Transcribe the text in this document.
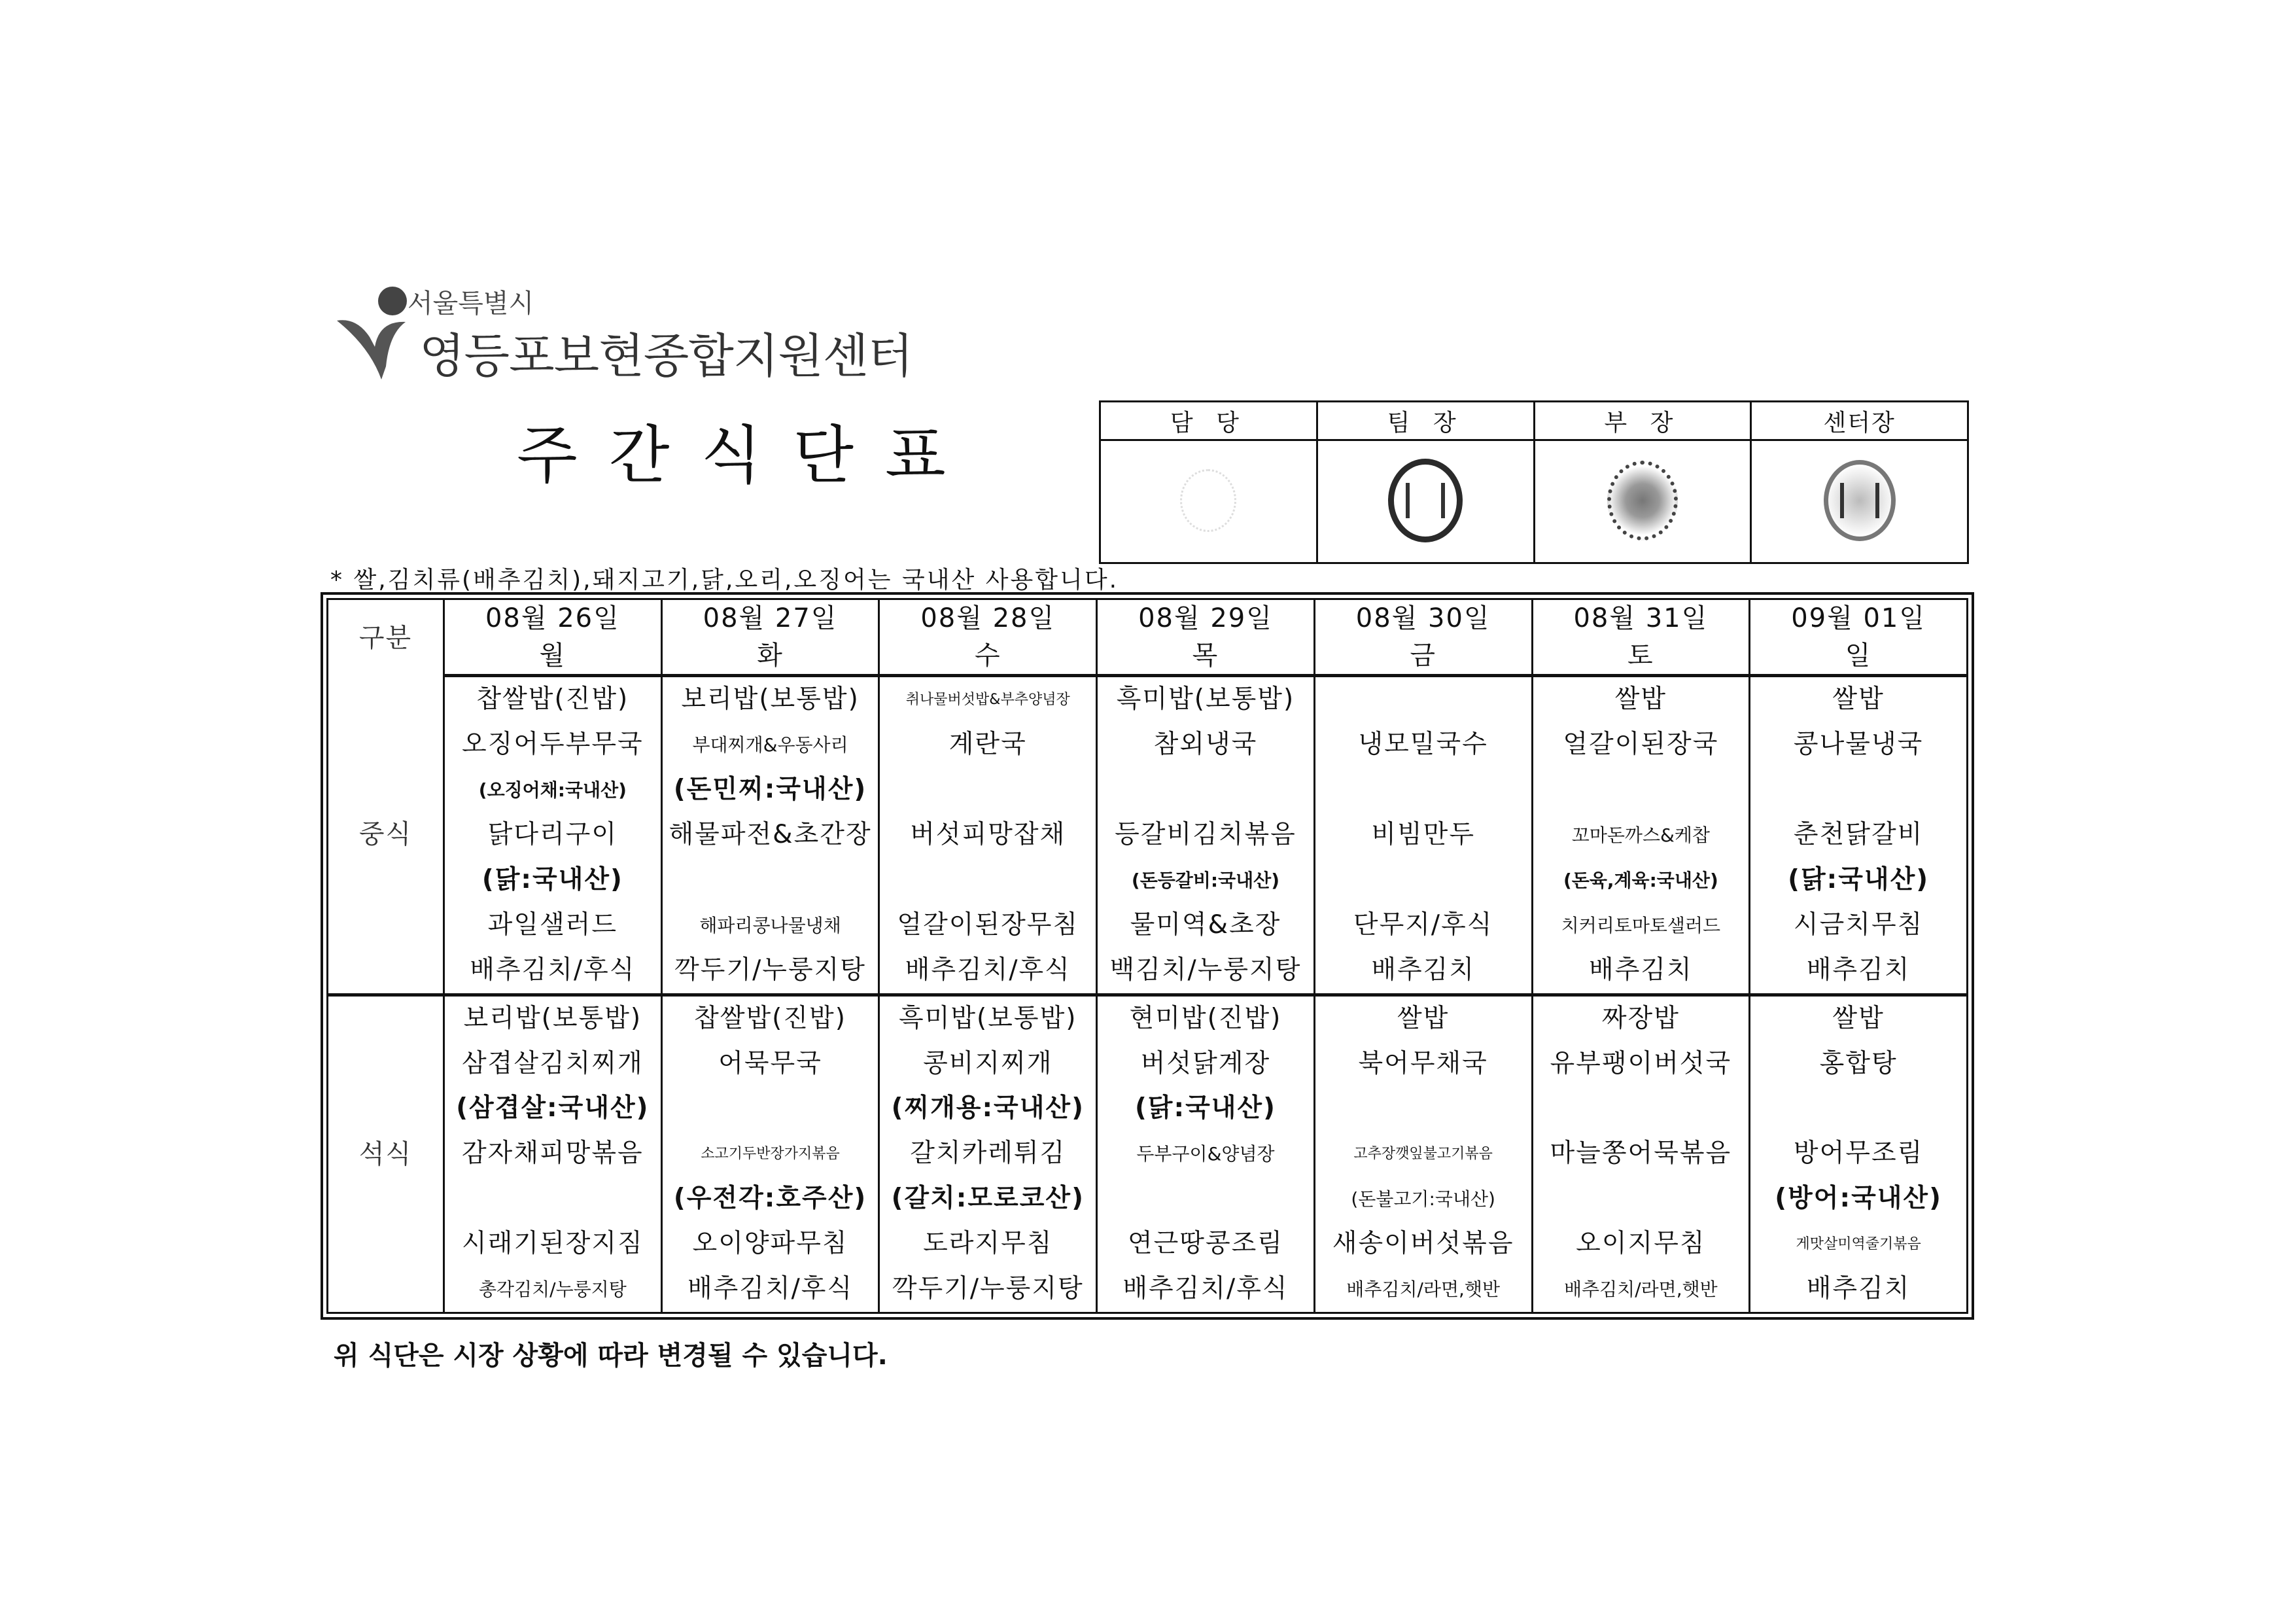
서울특별시
영등포보현종합지원센터
주간식단표	담 당	팀 장	부 장	센터장

* 쌀,김치류(배추김치),돼지고기,닭,오리,오징어는 국내산 사용합니다.
구분	08월 26일	08월 27일	08월 28일	08월 29일	08월 30일	08월 31일	09월 01일
	월	화	수	목	금	토	일
중식	찹쌀밥(진밥)	보리밥(보통밥)	취나물버섯밥&부추양념장	흑미밥(보통밥)		쌀밥	쌀밥
	오징어두부무국	부대찌개&우동사리	계란국	참외냉국	냉모밀국수	얼갈이된장국	콩나물냉국
	(오징어채:국내산)	(돈민찌:국내산)					
	닭다리구이	해물파전&초간장	버섯피망잡채	등갈비김치볶음	비빔만두	꼬마돈까스&케찹	춘천닭갈비
	(닭:국내산)			(돈등갈비:국내산)		(돈육,계육:국내산)	(닭:국내산)
	과일샐러드	해파리콩나물냉채	얼갈이된장무침	물미역&초장	단무지/후식	치커리토마토샐러드	시금치무침
	배추김치/후식	깍두기/누룽지탕	배추김치/후식	백김치/누룽지탕	배추김치	배추김치	배추김치
석식	보리밥(보통밥)	찹쌀밥(진밥)	흑미밥(보통밥)	현미밥(진밥)	쌀밥	짜장밥	쌀밥
	삼겹살김치찌개	어묵무국	콩비지찌개	버섯닭계장	북어무채국	유부팽이버섯국	홍합탕
	(삼겹살:국내산)		(찌개용:국내산)	(닭:국내산)			
	감자채피망볶음	소고기두반장가지볶음	갈치카레튀김	두부구이&양념장	고추장깻잎불고기볶음	마늘쫑어묵볶음	방어무조림
		(우전각:호주산)	(갈치:모로코산)		(돈불고기:국내산)		(방어:국내산)
	시래기된장지짐	오이양파무침	도라지무침	연근땅콩조림	새송이버섯볶음	오이지무침	게맛살미역줄기볶음
	총각김치/누룽지탕	배추김치/후식	깍두기/누룽지탕	배추김치/후식	배추김치/라면,햇반	배추김치/라면,햇반	배추김치
위 식단은 시장 상황에 따라 변경될 수 있습니다.
